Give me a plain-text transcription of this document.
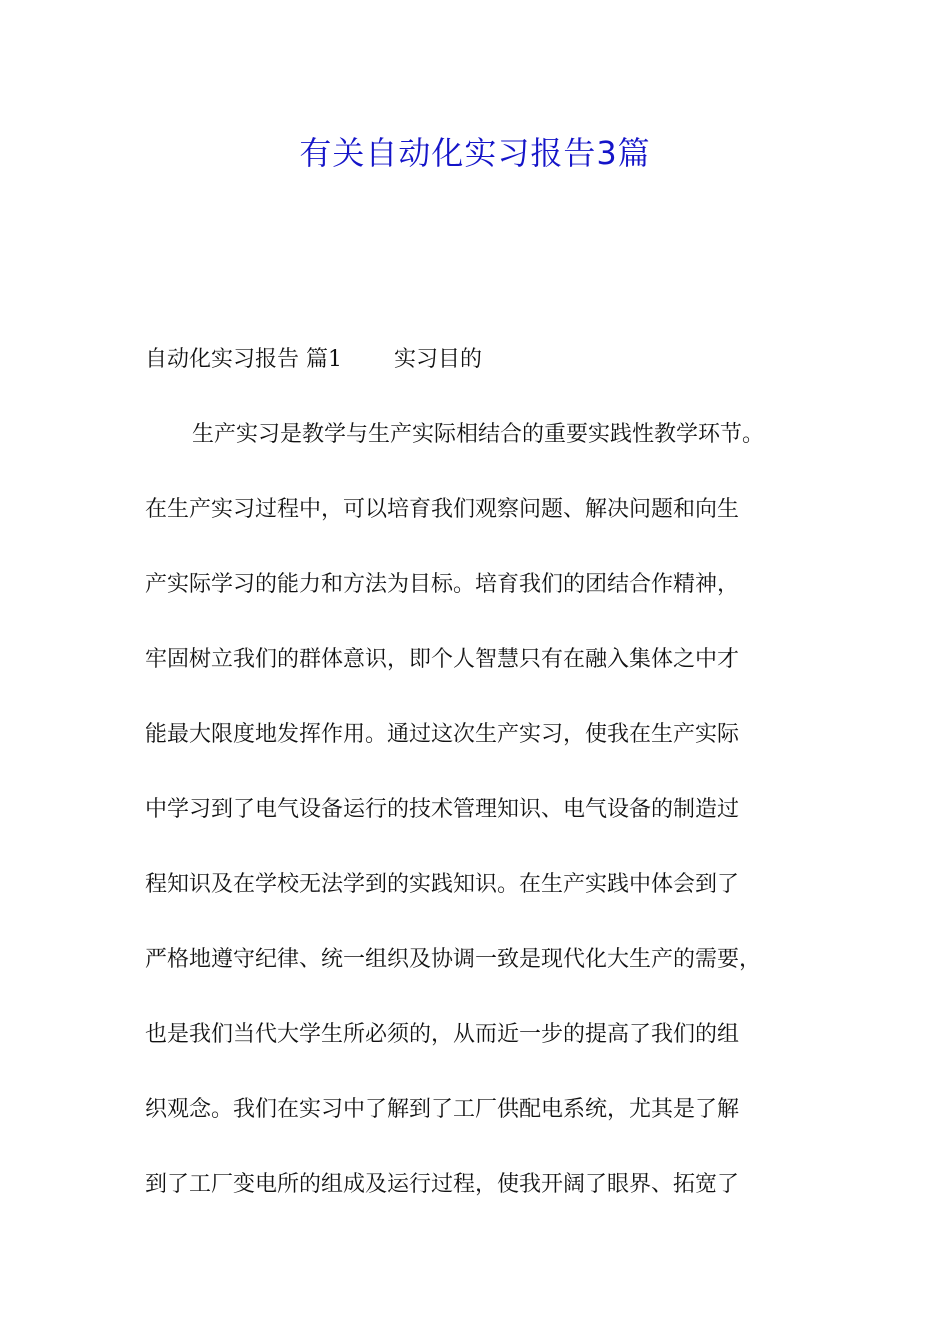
有关自动化实习报告3篇
自动化实习报告 篇1 实习目的
生产实习是教学与生产实际相结合的重要实践性教学环节。
在生产实习过程中，可以培育我们观察问题、解决问题和向生
产实际学习的能力和方法为目标。培育我们的团结合作精神，
牢固树立我们的群体意识，即个人智慧只有在融入集体之中才
能最大限度地发挥作用。通过这次生产实习，使我在生产实际
中学习到了电气设备运行的技术管理知识、电气设备的制造过
程知识及在学校无法学到的实践知识。在生产实践中体会到了
严格地遵守纪律、统一组织及协调一致是现代化大生产的需要，
也是我们当代大学生所必须的，从而近一步的提高了我们的组
织观念。我们在实习中了解到了工厂供配电系统，尤其是了解
到了工厂变电所的组成及运行过程，使我开阔了眼界、拓宽了
